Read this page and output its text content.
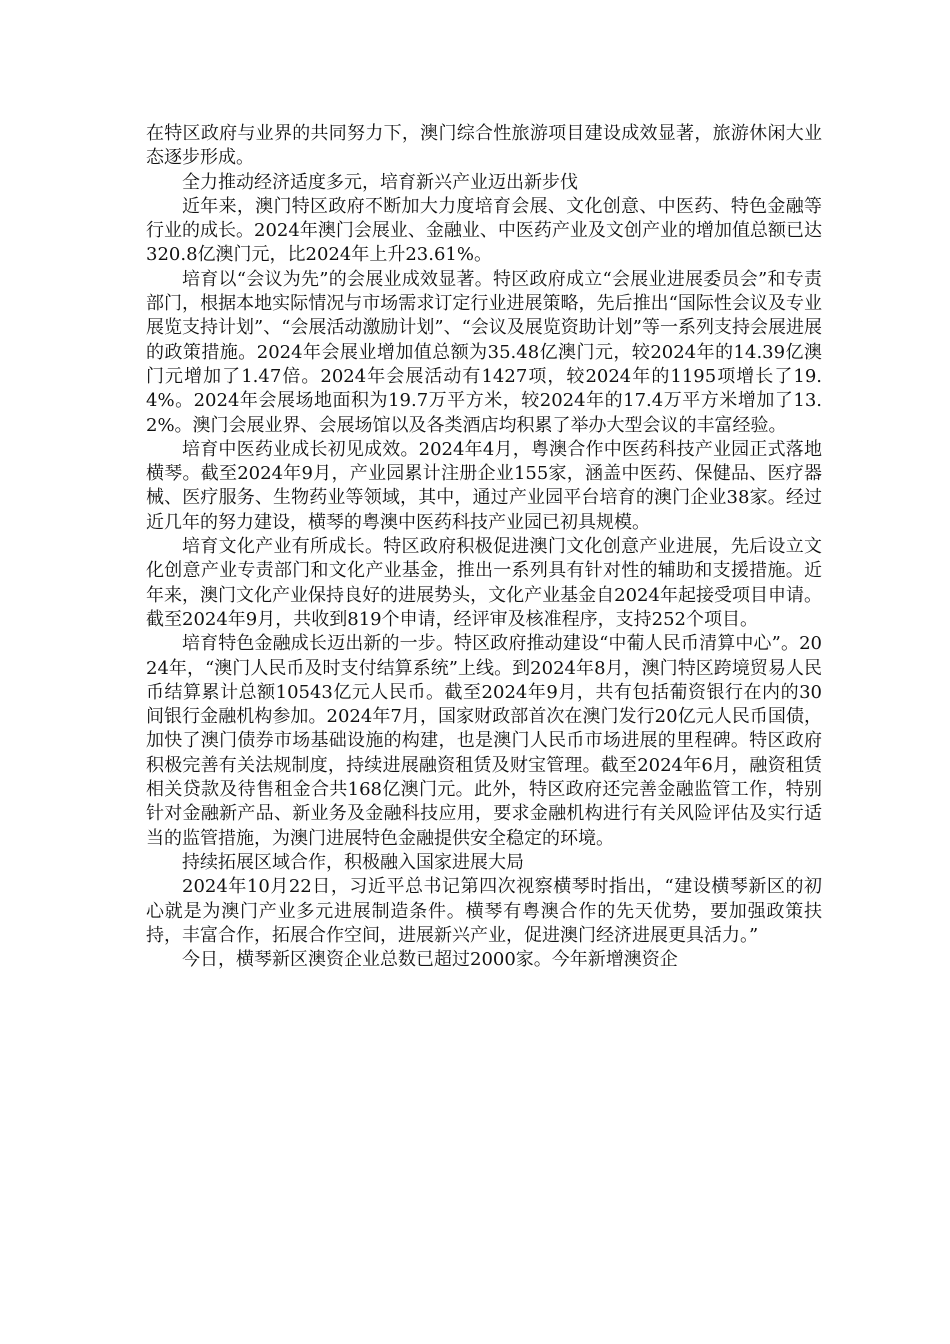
在特区政府与业界的共同努力下，澳门综合性旅游项目建设成效显著，旅游休闲大业态逐步形成。

全力推动经济适度多元，培育新兴产业迈出新步伐

近年来，澳门特区政府不断加大力度培育会展、文化创意、中医药、特色金融等行业的成长。2024年澳门会展业、金融业、中医药产业及文创产业的增加值总额已达320.8亿澳门元，比2024年上升23.61%。

培育以“会议为先”的会展业成效显著。特区政府成立“会展业进展委员会”和专责部门，根据本地实际情况与市场需求订定行业进展策略，先后推出“国际性会议及专业展览支持计划”、“会展活动激励计划”、“会议及展览资助计划”等一系列支持会展进展的政策措施。2024年会展业增加值总额为35.48亿澳门元，较2024年的14.39亿澳门元增加了1.47倍。2024年会展活动有1427项，较2024年的1195项增长了19.4%。2024年会展场地面积为19.7万平方米，较2024年的17.4万平方米增加了13.2%。澳门会展业界、会展场馆以及各类酒店均积累了举办大型会议的丰富经验。

培育中医药业成长初见成效。2024年4月，粤澳合作中医药科技产业园正式落地横琴。截至2024年9月，产业园累计注册企业155家，涵盖中医药、保健品、医疗器械、医疗服务、生物药业等领域，其中，通过产业园平台培育的澳门企业38家。经过近几年的努力建设，横琴的粤澳中医药科技产业园已初具规模。

培育文化产业有所成长。特区政府积极促进澳门文化创意产业进展，先后设立文化创意产业专责部门和文化产业基金，推出一系列具有针对性的辅助和支援措施。近年来，澳门文化产业保持良好的进展势头，文化产业基金自2024年起接受项目申请。截至2024年9月，共收到819个申请，经评审及核准程序，支持252个项目。

培育特色金融成长迈出新的一步。特区政府推动建设“中葡人民币清算中心”。2024年，“澳门人民币及时支付结算系统”上线。到2024年8月，澳门特区跨境贸易人民币结算累计总额10543亿元人民币。截至2024年9月，共有包括葡资银行在内的30间银行金融机构参加。2024年7月，国家财政部首次在澳门发行20亿元人民币国债，加快了澳门债券市场基础设施的构建，也是澳门人民币市场进展的里程碑。特区政府积极完善有关法规制度，持续进展融资租赁及财宝管理。截至2024年6月，融资租赁相关贷款及待售租金合共168亿澳门元。此外，特区政府还完善金融监管工作，特别针对金融新产品、新业务及金融科技应用，要求金融机构进行有关风险评估及实行适当的监管措施，为澳门进展特色金融提供安全稳定的环境。

持续拓展区域合作，积极融入国家进展大局

2024年10月22日，习近平总书记第四次视察横琴时指出，“建设横琴新区的初心就是为澳门产业多元进展制造条件。横琴有粤澳合作的先天优势，要加强政策扶持，丰富合作，拓展合作空间，进展新兴产业，促进澳门经济进展更具活力。”

今日，横琴新区澳资企业总数已超过2000家。今年新增澳资企
